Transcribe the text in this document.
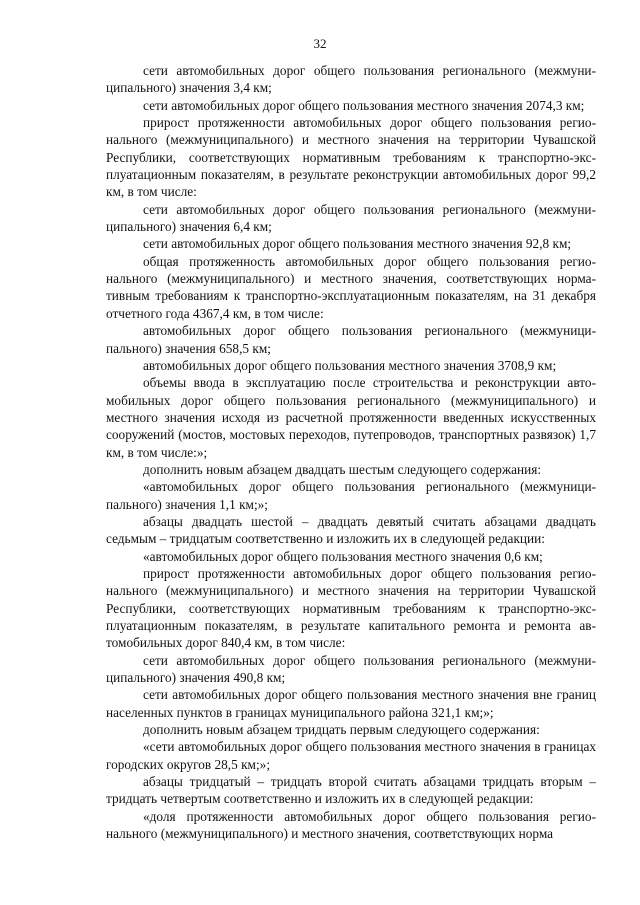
32

сети автомобильных дорог общего пользования регионального (межмуниципального) значения 3,4 км;

сети автомобильных дорог общего пользования местного значения 2074,3 км;

прирост протяженности автомобильных дорог общего пользования регионального (межмуниципального) и местного значения на территории Чувашской Республики, соответствующих нормативным требованиям к транспортно-эксплуатационным показателям, в результате реконструкции автомобильных дорог 99,2 км, в том числе:

сети автомобильных дорог общего пользования регионального (межмуниципального) значения 6,4 км;

сети автомобильных дорог общего пользования местного значения 92,8 км;

общая протяженность автомобильных дорог общего пользования регионального (межмуниципального) и местного значения, соответствующих нормативным требованиям к транспортно-эксплуатационным показателям, на 31 декабря отчетного года 4367,4 км, в том числе:

автомобильных дорог общего пользования регионального (межмуниципального) значения 658,5 км;

автомобильных дорог общего пользования местного значения 3708,9 км;

объемы ввода в эксплуатацию после строительства и реконструкции автомобильных дорог общего пользования регионального (межмуниципального) и местного значения исходя из расчетной протяженности введенных искусственных сооружений (мостов, мостовых переходов, путепроводов, транспортных развязок) 1,7 км, в том числе:»;

дополнить новым абзацем двадцать шестым следующего содержания:

«автомобильных дорог общего пользования регионального (межмуниципального) значения 1,1 км;»;

абзацы двадцать шестой – двадцать девятый считать абзацами двадцать седьмым – тридцатым соответственно и изложить их в следующей редакции:

«автомобильных дорог общего пользования местного значения 0,6 км;

прирост протяженности автомобильных дорог общего пользования регионального (межмуниципального) и местного значения на территории Чувашской Республики, соответствующих нормативным требованиям к транспортно-эксплуатационным показателям, в результате капитального ремонта и ремонта автомобильных дорог 840,4 км, в том числе:

сети автомобильных дорог общего пользования регионального (межмуниципального) значения 490,8 км;

сети автомобильных дорог общего пользования местного значения вне границ населенных пунктов в границах муниципального района 321,1 км;»;

дополнить новым абзацем тридцать первым следующего содержания:

«сети автомобильных дорог общего пользования местного значения в границах городских округов 28,5 км;»;

абзацы тридцатый – тридцать второй считать абзацами тридцать вторым – тридцать четвертым соответственно и изложить их в следующей редакции:

«доля протяженности автомобильных дорог общего пользования регионального (межмуниципального) и местного значения, соответствующих норма
